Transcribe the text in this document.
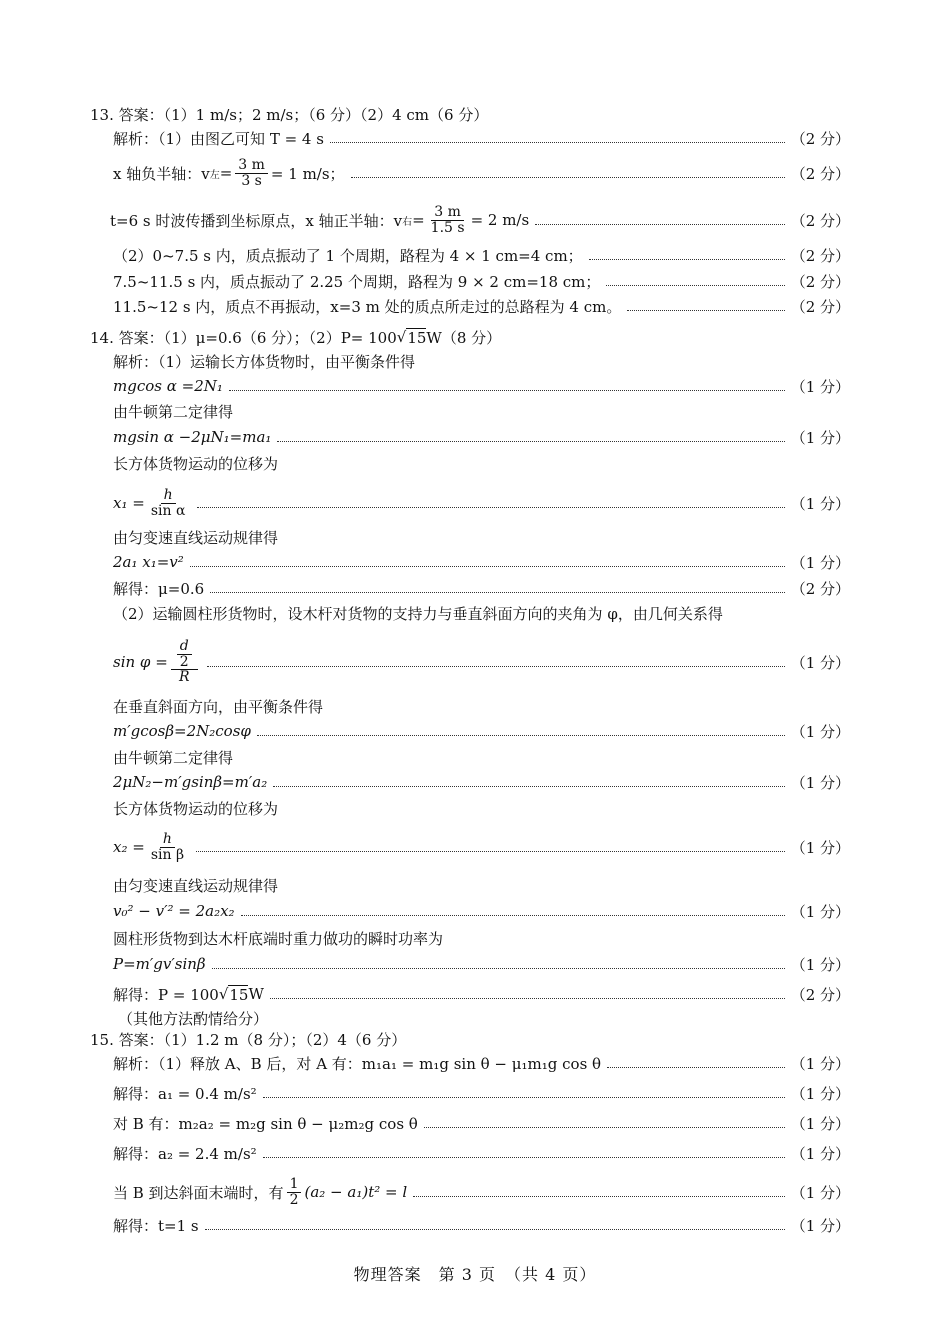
13. 答案：（1）1 m/s；2 m/s；（6 分）（2）4 cm（6 分）
解析：（1）由图乙可知 T = 4 s	（2 分）
x 轴负半轴：v 左 = $\frac{3 m}{3 s} = 1$ m/s；	（2 分）
t=6 s 时波传播到坐标原点，x 轴正半轴：v 右 = $\frac{3 m}{1.5 s} = 2$ m/s	（2 分）
（2）0~7.5 s 内，质点振动了 1 个周期，路程为 4 × 1 cm=4 cm；	（2 分）
7.5~11.5 s 内，质点振动了 2.25 个周期，路程为 9 × 2 cm=18 cm；	（2 分）
11.5~12 s 内，质点不再振动，x=3 m 处的质点所走过的总路程为 4 cm。	（2 分）
14. 答案：（1）μ=0.6（6 分）；（2）P= 100 √ 15 W（8 分）
解析：（1）运输长方体货物时，由平衡条件得
mgcos α =2N₁	（1 分）
由牛顿第二定律得
mgsin α −2μN₁=ma₁	（1 分）
长方体货物运动的位移为
$x_1 = \frac{h}{\text{sin α}}$	（1 分）
由匀变速直线运动规律得
2a₁ x₁=v²	（1 分）
解得：μ=0.6	（2 分）
（2）运输圆柱形货物时，设木杆对货物的支持力与垂直斜面方向的夹角为 φ，由几何关系得
$\sin \varphi = \frac{\frac{d}{2}}{R}$	（1 分）
在垂直斜面方向，由平衡条件得
m′gcosβ=2N₂cosφ	（1 分）
由牛顿第二定律得
2μN₂−m′gsinβ=m′a₂	（1 分）
长方体货物运动的位移为
$x_2 = \frac{h}{\text{sin β}}$	（1 分）
由匀变速直线运动规律得
v₀² − v′² = 2a₂x₂	（1 分）
圆柱形货物到达木杆底端时重力做功的瞬时功率为
P=m′gv′sinβ	（1 分）
解得：P = 100 √ 15 W	（2 分）
（其他方法酌情给分）
15. 答案：（1）1.2 m（8 分）；（2）4（6 分）
解析：（1）释放 A、B 后，对 A 有：m₁a₁ = m₁g sin θ − μ₁m₁g cos θ	（1 分）
解得：a₁ = 0.4 m/s²	（1 分）
对 B 有：m₂a₂ = m₂g sin θ − μ₂m₂g cos θ	（1 分）
解得：a₂ = 2.4 m/s²	（1 分）
当 B 到达斜面末端时，有 $\frac{1}{2} (a_2 - a_1)t^2 = l$	（1 分）
解得：t=1 s	（1 分）
物理答案　第 3 页　（共 4 页）
